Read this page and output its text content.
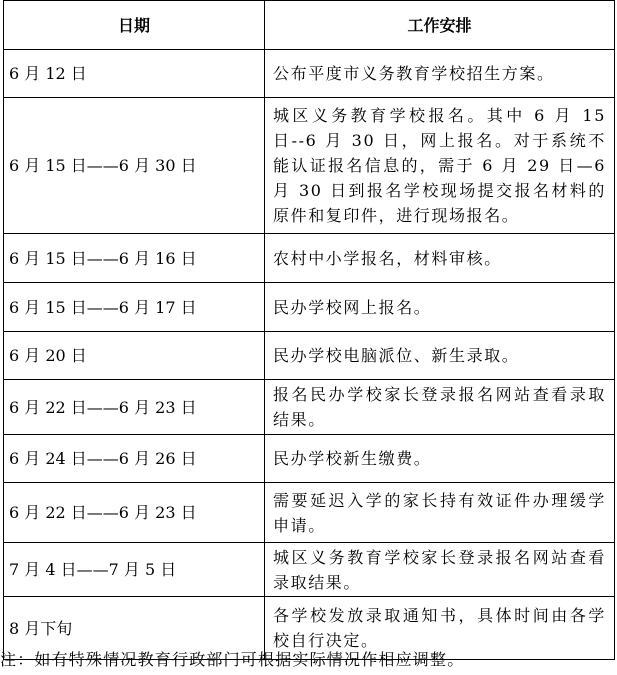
日期	工作安排
6 月 12 日	公布平度市义务教育学校招生方案。
6 月 15 日——6 月 30 日	城区义务教育学校报名。其中 6 月 15 日--6 月 30 日，网上报名。对于系统不能认证报名信息的，需于 6 月 29 日—6 月 30 日到报名学校现场提交报名材料的原件和复印件，进行现场报名。
6 月 15 日——6 月 16 日	农村中小学报名，材料审核。
6 月 15 日——6 月 17 日	民办学校网上报名。
6 月 20 日	民办学校电脑派位、新生录取。
6 月 22 日——6 月 23 日	报名民办学校家长登录报名网站查看录取结果。
6 月 24 日——6 月 26 日	民办学校新生缴费。
6 月 22 日——6 月 23 日	需要延迟入学的家长持有效证件办理缓学申请。
7 月 4 日——7 月 5 日	城区义务教育学校家长登录报名网站查看录取结果。
8 月下旬	各学校发放录取通知书，具体时间由各学校自行决定。
注：如有特殊情况教育行政部门可根据实际情况作相应调整。
